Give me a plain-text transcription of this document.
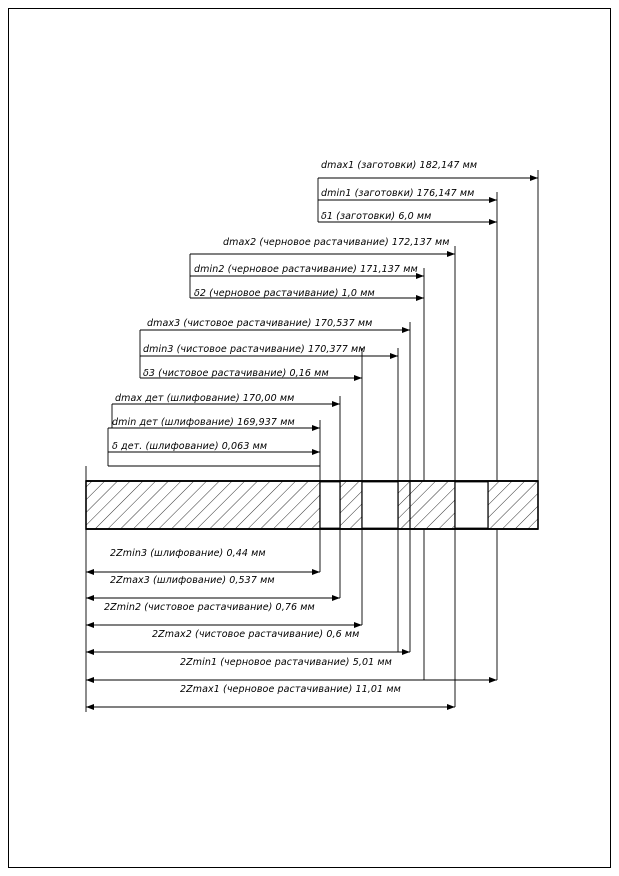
dmax1 (заготовки) 182,147 мм
dmin1 (заготовки) 176,147 мм
δ1 (заготовки) 6,0 мм
dmax2 (черновое растачивание) 172,137 мм
dmin2 (черновое растачивание) 171,137 мм
δ2 (черновое растачивание) 1,0 мм
dmax3 (чистовое растачивание) 170,537 мм
dmin3 (чистовое растачивание) 170,377 мм
δ3 (чистовое растачивание) 0,16 мм
dmax дет (шлифование) 170,00 мм
dmin дет (шлифование) 169,937 мм
δ дет. (шлифование) 0,063 мм
2Zmin3 (шлифование) 0,44 мм
2Zmax3 (шлифование) 0,537 мм
2Zmin2 (чистовое растачивание) 0,76 мм
2Zmax2 (чистовое растачивание) 0,6 мм
2Zmin1 (черновое растачивание) 5,01 мм
2Zmax1 (черновое растачивание) 11,01 мм
